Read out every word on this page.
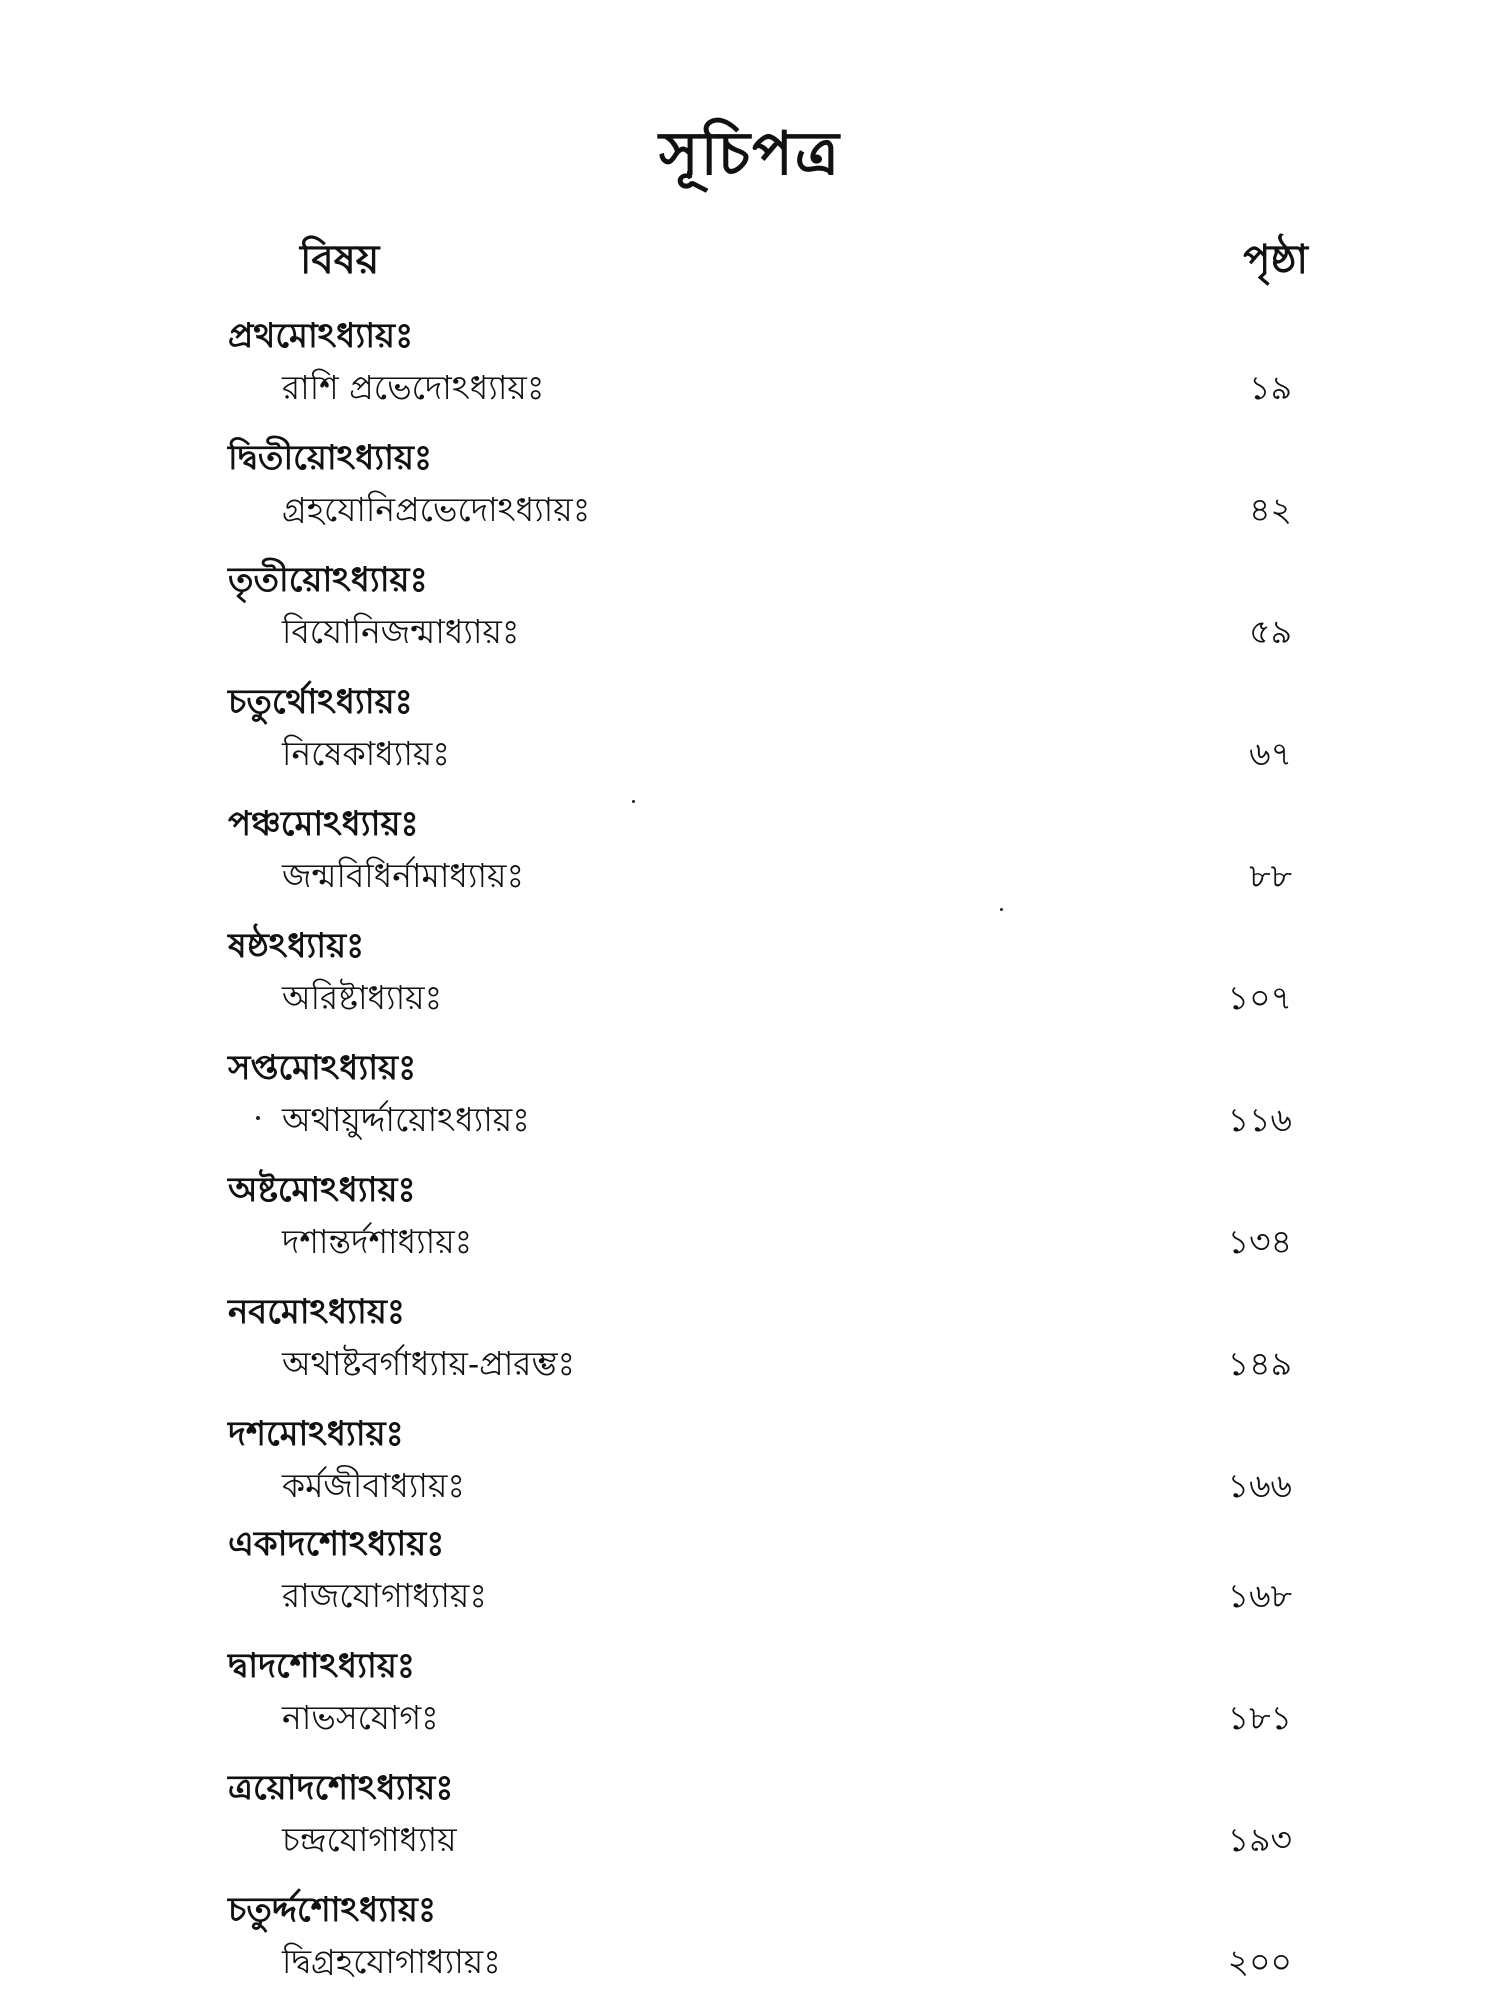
সূচিপত্র
বিষয়	পৃষ্ঠা
প্রথমোঽধ্যায়ঃ
রাশি প্রভেদোঽধ্যায়ঃ	১৯
দ্বিতীয়োঽধ্যায়ঃ
গ্রহযোনিপ্রভেদোঽধ্যায়ঃ	৪২
তৃতীয়োঽধ্যায়ঃ
বিযোনিজন্মাধ্যায়ঃ	৫৯
চতুর্থোঽধ্যায়ঃ
নিষেকাধ্যায়ঃ	৬৭
পঞ্চমোঽধ্যায়ঃ
জন্মবিধির্নামাধ্যায়ঃ	৮৮
ষষ্ঠঽধ্যায়ঃ
অরিষ্টাধ্যায়ঃ	১০৭
সপ্তমোঽধ্যায়ঃ
অথায়ুর্দ্দায়োঽধ্যায়ঃ	১১৬
অষ্টমোঽধ্যায়ঃ
দশান্তর্দশাধ্যায়ঃ	১৩৪
নবমোঽধ্যায়ঃ
অথাষ্টবর্গাধ্যায়-প্রারম্ভঃ	১৪৯
দশমোঽধ্যায়ঃ
কর্মজীবাধ্যায়ঃ	১৬৬
একাদশোঽধ্যায়ঃ
রাজযোগাধ্যায়ঃ	১৬৮
দ্বাদশোঽধ্যায়ঃ
নাভসযোগঃ	১৮১
ত্রয়োদশোঽধ্যায়ঃ
চন্দ্রযোগাধ্যায়	১৯৩
চতুর্দ্দশোঽধ্যায়ঃ
দ্বিগ্রহযোগাধ্যায়ঃ	২০০
